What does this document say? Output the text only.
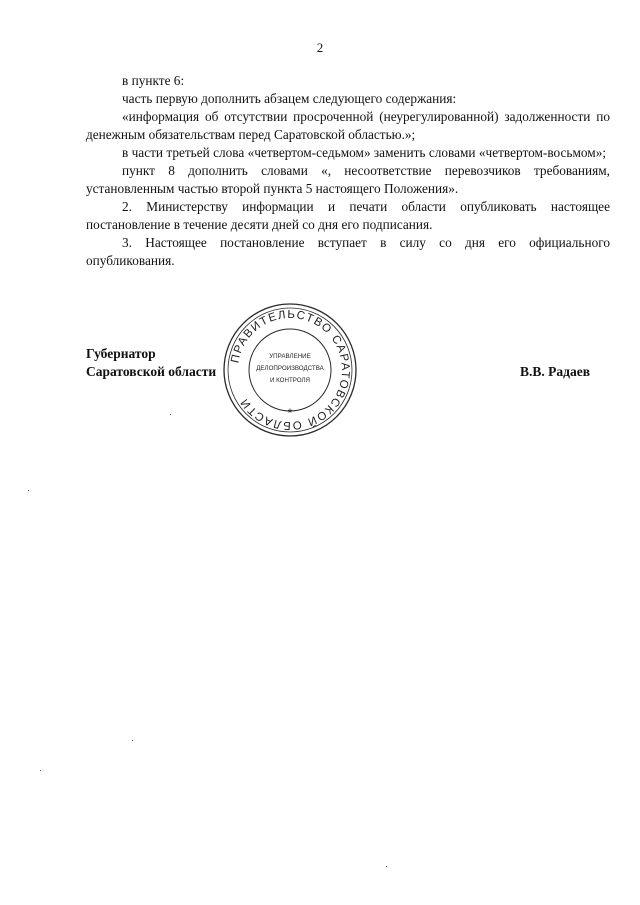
2

в пункте 6:

часть первую дополнить абзацем следующего содержания:

«информация об отсутствии просроченной (неурегулированной) задолженности по денежным обязательствам перед Саратовской областью.»;

в части третьей слова «четвертом-седьмом» заменить словами «четвертом-восьмом»;

пункт 8 дополнить словами «, несоответствие перевозчиков требованиям, установленным частью второй пункта 5 настоящего Положения».

2. Министерству информации и печати области опубликовать настоящее постановление в течение десяти дней со дня его подписания.

3. Настоящее постановление вступает в силу со дня его официального опубликования.

Губернатор
Саратовской области	В.В. Радаев
ПРАВИТЕЛЬСТВО САРАТОВСКОЙ ОБЛАСТИ
УПРАВЛЕНИЕ
ДЕЛОПРОИЗВОДСТВА
И КОНТРОЛЯ
*
